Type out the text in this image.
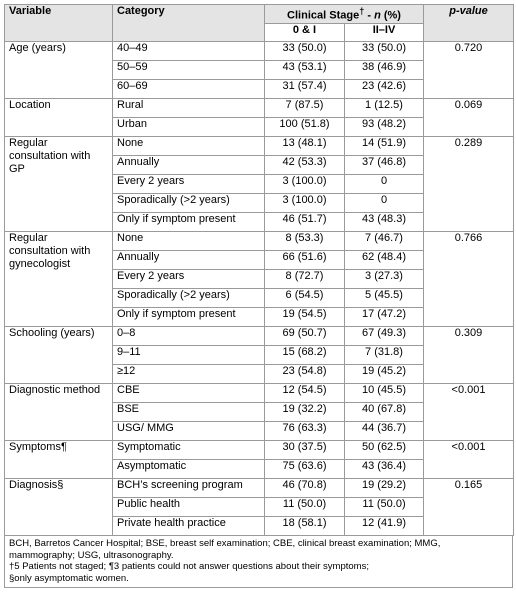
Variable	Category	Clinical Stage† - n (%)		p-value
		0 & I	II–IV	
Age (years)	40–49	33 (50.0)	33 (50.0)	0.720
	50–59	43 (53.1)	38 (46.9)	
	60–69	31 (57.4)	23 (42.6)	
Location	Rural	7 (87.5)	1 (12.5)	0.069
	Urban	100 (51.8)	93 (48.2)	
Regular consultation with GP	None	13 (48.1)	14 (51.9)	0.289
	Annually	42 (53.3)	37 (46.8)	
	Every 2 years	3 (100.0)	0	
	Sporadically (>2 years)	3 (100.0)	0	
	Only if symptom present	46 (51.7)	43 (48.3)	
Regular consultation with gynecologist	None	8 (53.3)	7 (46.7)	0.766
	Annually	66 (51.6)	62 (48.4)	
	Every 2 years	8 (72.7)	3 (27.3)	
	Sporadically (>2 years)	6 (54.5)	5 (45.5)	
	Only if symptom present	19 (54.5)	17 (47.2)	
Schooling (years)	0–8	69 (50.7)	67 (49.3)	0.309
	9–11	15 (68.2)	7 (31.8)	
	≥12	23 (54.8)	19 (45.2)	
Diagnostic method	CBE	12 (54.5)	10 (45.5)	<0.001
	BSE	19 (32.2)	40 (67.8)	
	USG/ MMG	76 (63.3)	44 (36.7)	
Symptoms¶	Symptomatic	30 (37.5)	50 (62.5)	<0.001
	Asymptomatic	75 (63.6)	43 (36.4)	
Diagnosis§	BCH’s screening program	46 (70.8)	19 (29.2)	0.165
	Public health	11 (50.0)	11 (50.0)	
	Private health practice	18 (58.1)	12 (41.9)	
BCH, Barretos Cancer Hospital; BSE, breast self examination; CBE, clinical breast examination; MMG, mammography; USG, ultrasonography.
†5 Patients not staged; ¶3 patients could not answer questions about their symptoms;
§only asymptomatic women.
